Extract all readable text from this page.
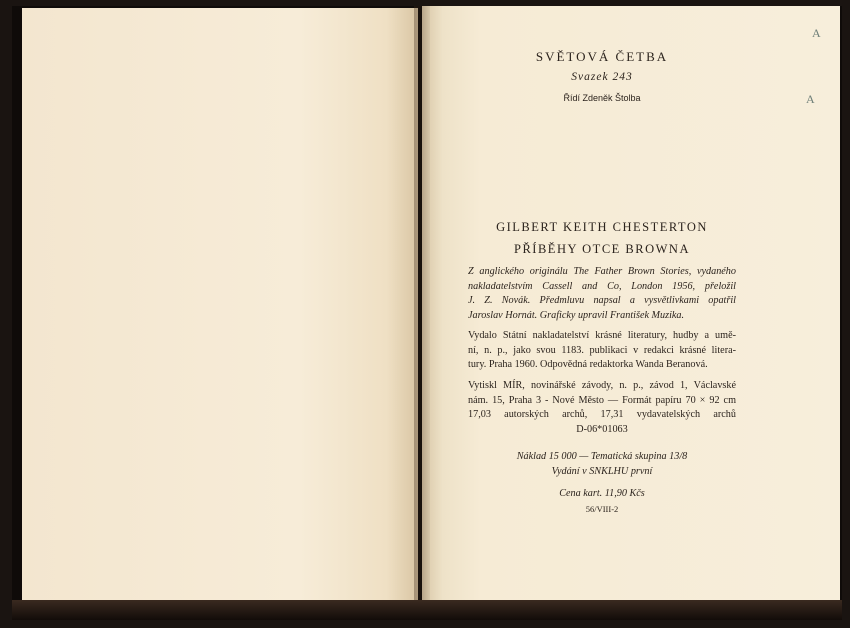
A
A
SVĚTOVÁ ČETBA
Svazek 243
Řídí Zdeněk Štolba
GILBERT KEITH CHESTERTON
PŘÍBĚHY OTCE BROWNA
Z anglického originálu The Father Brown Stories, vydaného
nakladatelstvím Cassell and Co, London 1956, přeložil
J. Z. Novák. Předmluvu napsal a vysvětlivkami opatřil
Jaroslav Hornát. Graficky upravil František Muzika.
Vydalo Státní nakladatelství krásné literatury, hudby a umě-
ní, n. p., jako svou 1183. publikaci v redakci krásné litera-
tury. Praha 1960. Odpovědná redaktorka Wanda Beranová.
Vytiskl MÍR, novinářské závody, n. p., závod 1, Václavské
nám. 15, Praha 3 - Nové Město — Formát papíru 70 × 92 cm
17,03 autorských archů, 17,31 vydavatelských archů
D-06*01063
Náklad 15 000 — Tematická skupina 13/8
Vydání v SNKLHU první
Cena kart. 11,90 Kčs
56/VIII-2
